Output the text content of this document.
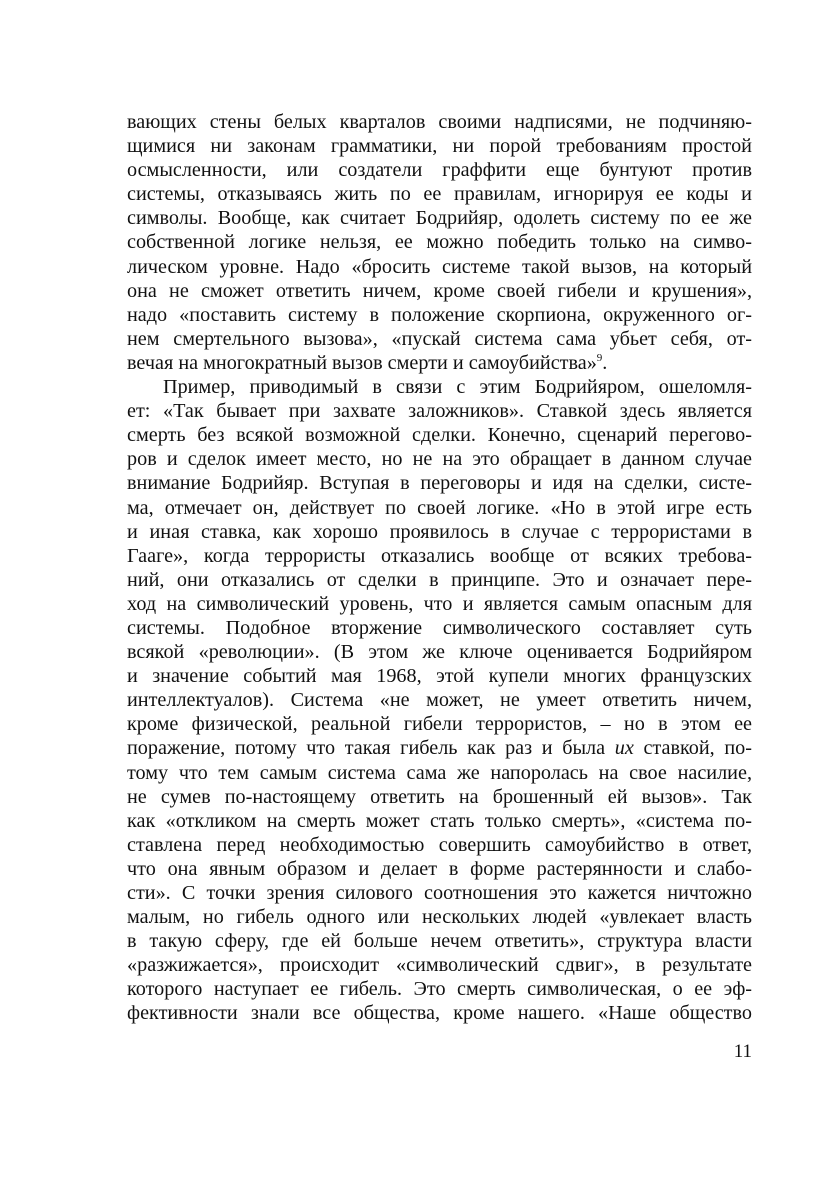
вающих стены белых кварталов своими надписями, не подчиняю-
щимися ни законам грамматики, ни порой требованиям простой
осмысленности, или создатели граффити еще бунтуют против
системы, отказываясь жить по ее правилам, игнорируя ее коды и
символы. Вообще, как считает Бодрийяр, одолеть систему по ее же
собственной логике нельзя, ее можно победить только на симво-
лическом уровне. Надо «бросить системе такой вызов, на который
она не сможет ответить ничем, кроме своей гибели и крушения»,
надо «поставить систему в положение скорпиона, окруженного ог-
нем смертельного вызова», «пускай система сама убьет себя, от-
вечая на многократный вызов смерти и самоубийства»$^9$.
Пример, приводимый в связи с этим Бодрийяром, ошеломля-
ет: «Так бывает при захвате заложников». Ставкой здесь является
смерть без всякой возможной сделки. Конечно, сценарий перегово-
ров и сделок имеет место, но не на это обращает в данном случае
внимание Бодрийяр. Вступая в переговоры и идя на сделки, систе-
ма, отмечает он, действует по своей логике. «Но в этой игре есть
и иная ставка, как хорошо проявилось в случае с террористами в
Гааге», когда террористы отказались вообще от всяких требова-
ний, они отказались от сделки в принципе. Это и означает пере-
ход на символический уровень, что и является самым опасным для
системы. Подобное вторжение символического составляет суть
всякой «революции». (В этом же ключе оценивается Бодрийяром
и значение событий мая 1968, этой купели многих французских
интеллектуалов). Система «не может, не умеет ответить ничем,
кроме физической, реальной гибели террористов, – но в этом ее
поражение, потому что такая гибель как раз и была их ставкой, по-
тому что тем самым система сама же напоролась на свое насилие,
не сумев по-настоящему ответить на брошенный ей вызов». Так
как «откликом на смерть может стать только смерть», «система по-
ставлена перед необходимостью совершить самоубийство в ответ,
что она явным образом и делает в форме растерянности и слабо-
сти». С точки зрения силового соотношения это кажется ничтожно
малым, но гибель одного или нескольких людей «увлекает власть
в такую сферу, где ей больше нечем ответить», структура власти
«разжижается», происходит «символический сдвиг», в результате
которого наступает ее гибель. Это смерть символическая, о ее эф-
фективности знали все общества, кроме нашего. «Наше общество
11
